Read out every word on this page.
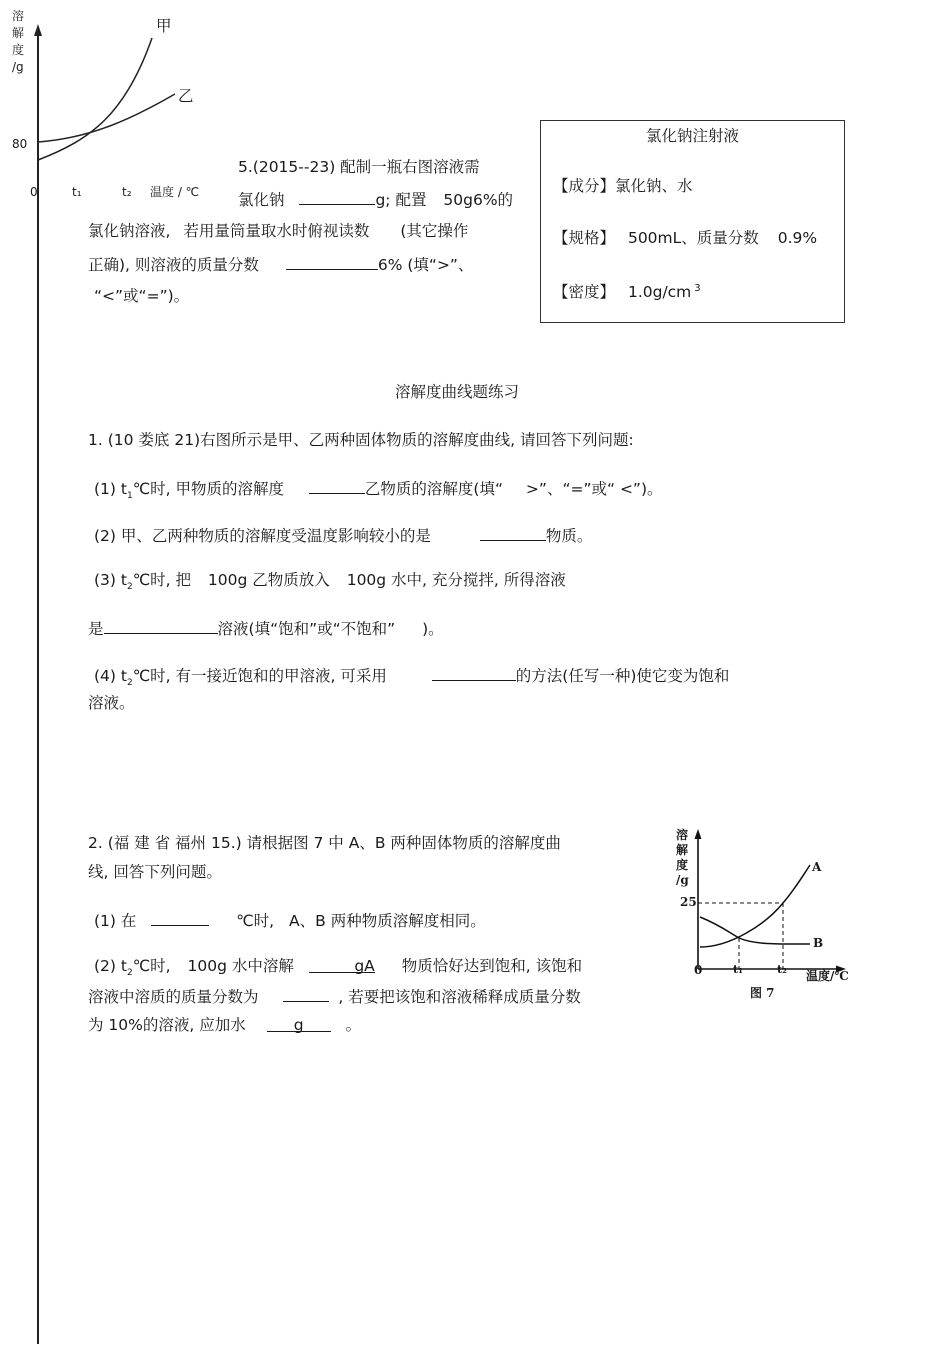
溶
解
度
/g
80
0	t₁	t₂ 温度 / ℃
甲
乙
5.(2015--23) 配制一瓶右图溶液需
氯化钠	g; 配置 50g6%的
氯化钠溶液, 若用量筒量取水时俯视读数 (其它操作
正确), 则溶液的质量分数	6% (填“>”、
“<”或“=”)。
氯化钠注射液
【成分】氯化钠、水
【规格】 500mL、质量分数 0.9%
【密度】 1.0g/cm $^3$
溶解度曲线题练习
1. (10 娄底 21)右图所示是甲、乙两种固体物质的溶解度曲线, 请回答下列问题:
(1) $t_1℃$时, 甲物质的溶解度	乙物质的溶解度(填“ >”、“=”或“ <”)。
(2) 甲、乙两种物质的溶解度受温度影响较小的是	物质。
(3) $t_2℃$时, 把 100g 乙物质放入 100g 水中, 充分搅拌, 所得溶液
是	溶液(填“饱和”或“不饱和” )。
(4) $t_2℃$时, 有一接近饱和的甲溶液, 可采用	的方法(任写一种)使它变为饱和
溶液。
2. (福 建 省 福州 15.) 请根据图 7 中 A、B 两种固体物质的溶解度曲
线, 回答下列问题。
(1) 在	℃时, A、B 两种物质溶解度相同。
(2) $t_2℃$时, 100g 水中溶解	gA 物质恰好达到饱和, 该饱和
溶液中溶质的质量分数为	, 若要把该饱和溶液稀释成质量分数
为 10%的溶液, 应加水	g	。
溶
解
度
/g
25
0	t₁	t₂ 温度/℃
A
B
图 7
